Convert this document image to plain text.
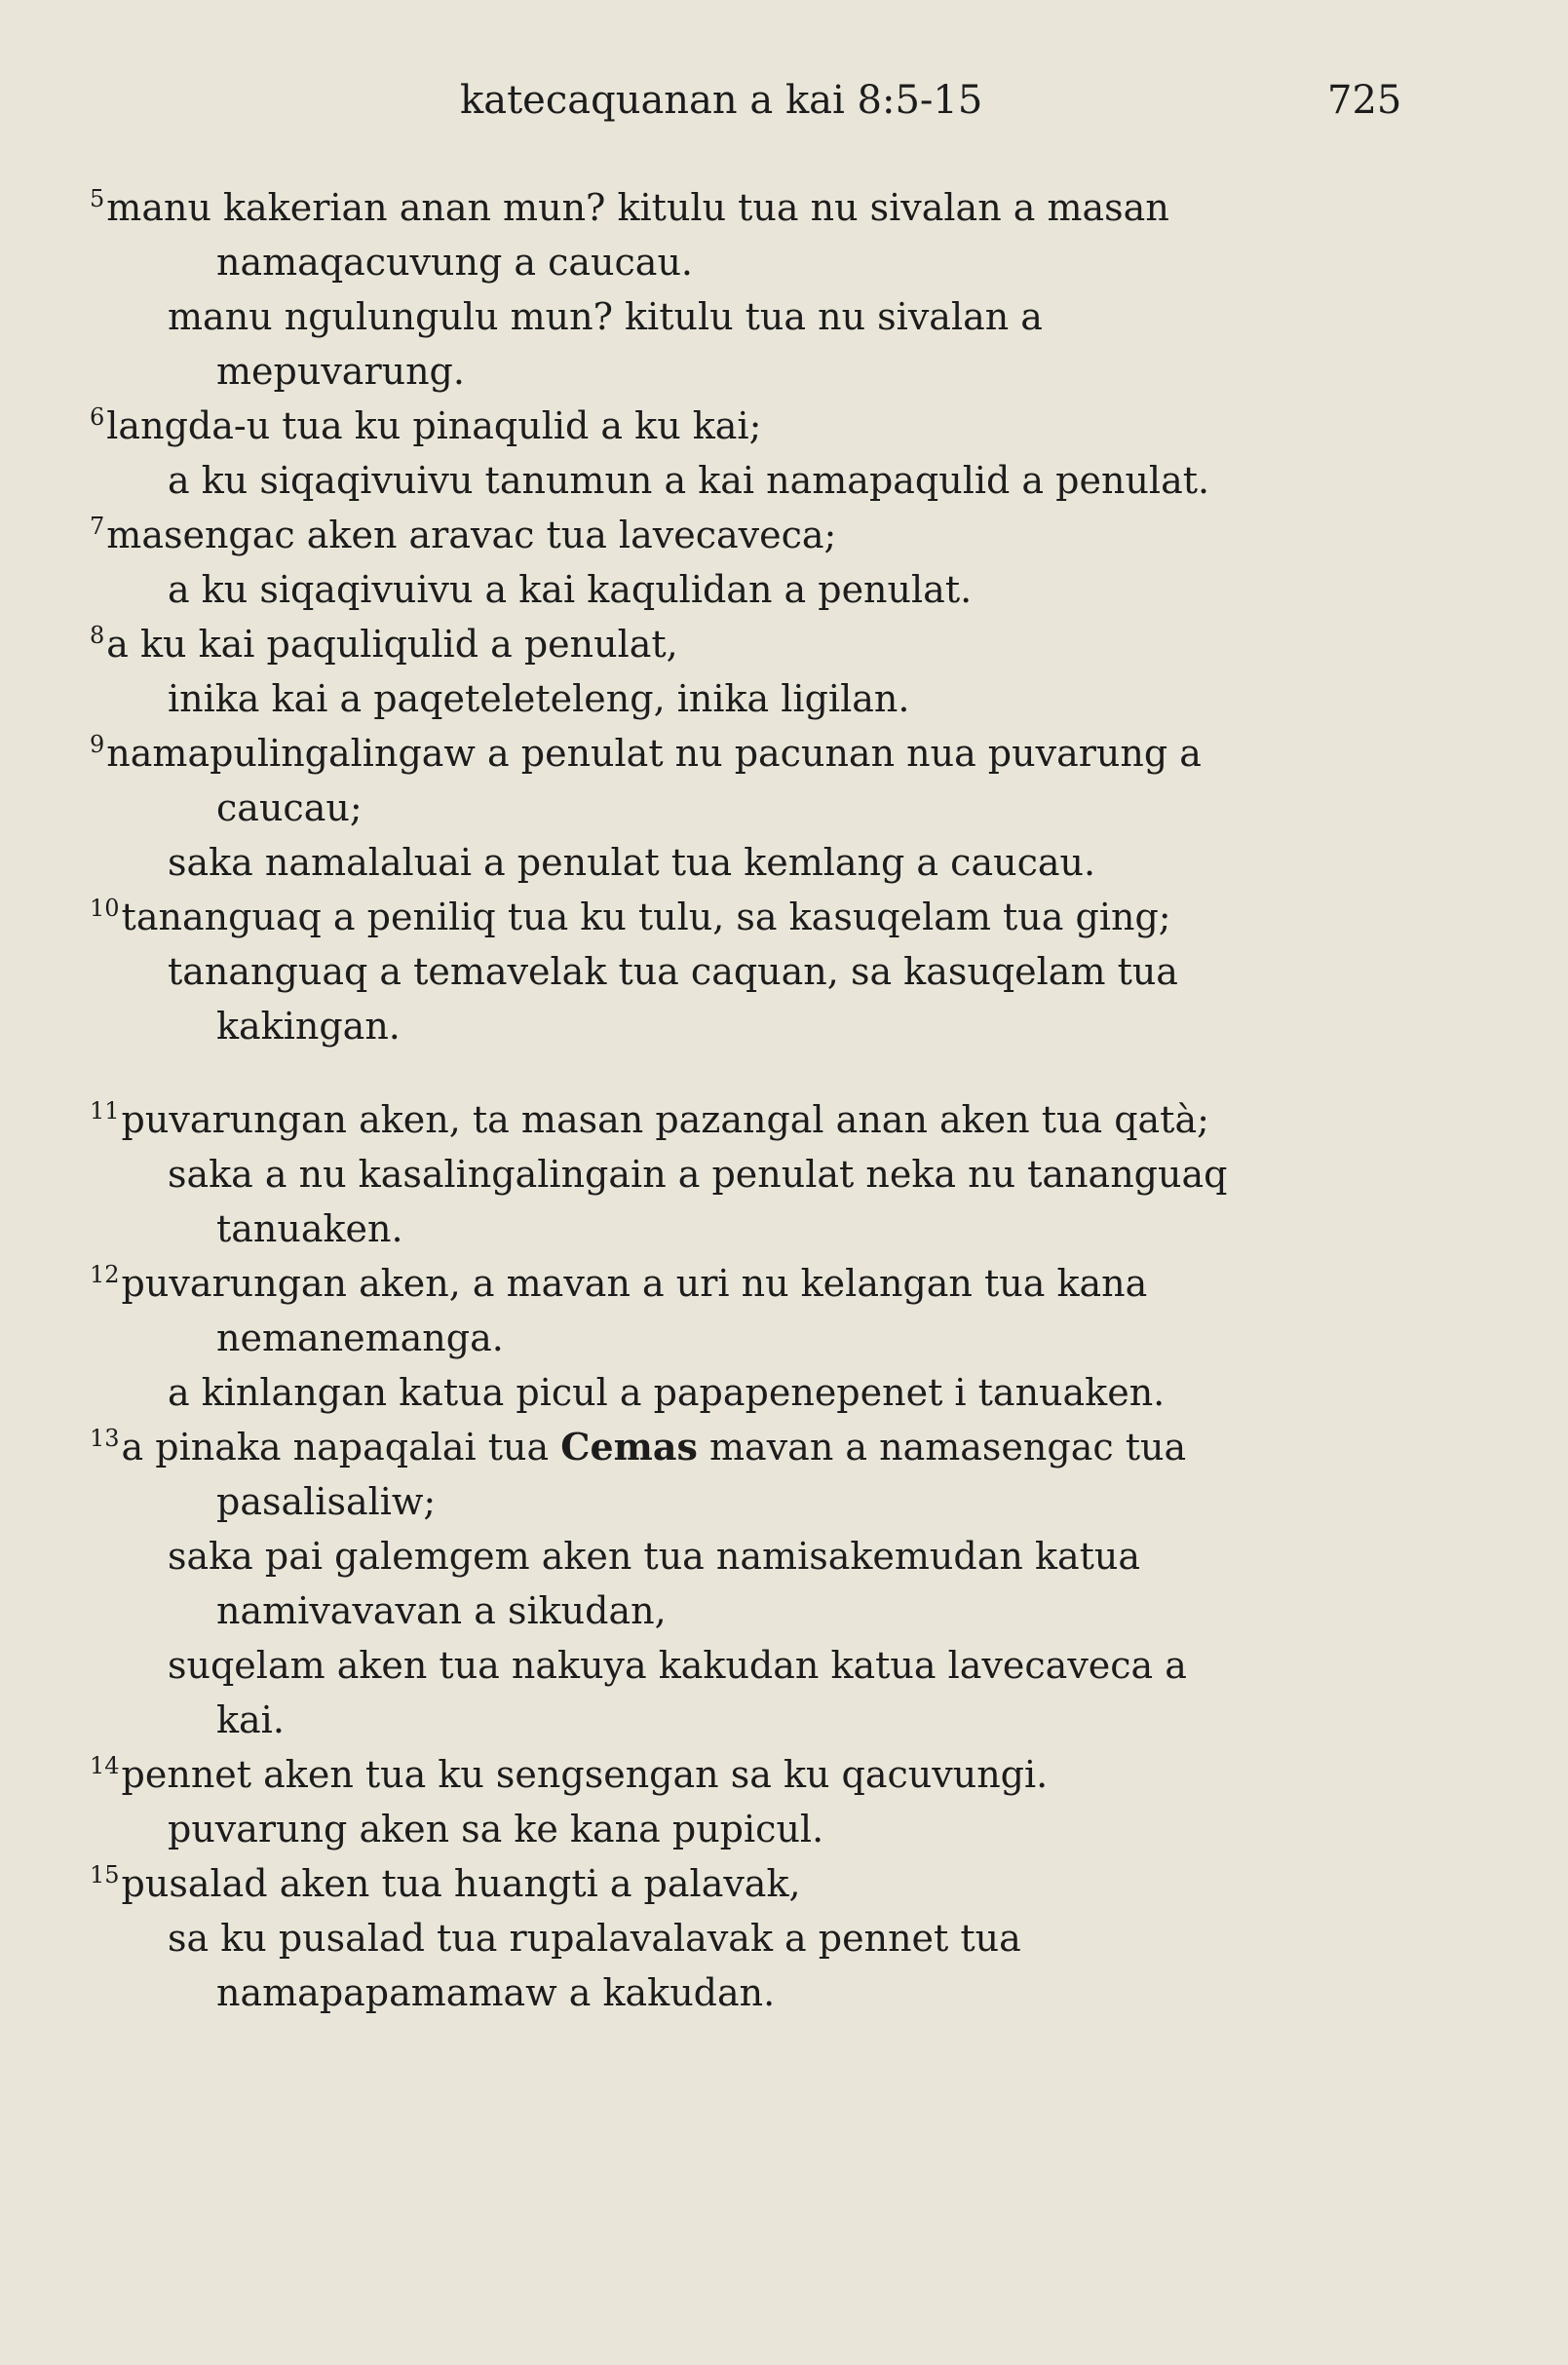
katecaquanan a kai 8:5-15	725
$^5$manu kakerian anan mun? kitulu tua nu sivalan a masan
namaqacuvung a caucau.
manu ngulungulu mun? kitulu tua nu sivalan a
mepuvarung.
$^6$langda-u tua ku pinaqulid a ku kai;
a ku siqaqivuivu tanumun a kai namapaqulid a penulat.
$^7$masengac aken aravac tua lavecaveca;
a ku siqaqivuivu a kai kaqulidan a penulat.
$^8$a ku kai paquliqulid a penulat,
inika kai a paqeteleteleng, inika ligilan.
$^9$namapulingalingaw a penulat nu pacunan nua puvarung a
caucau;
saka namalaluai a penulat tua kemlang a caucau.
$^{10}$tananguaq a peniliq tua ku tulu, sa kasuqelam tua ging;
tananguaq a temavelak tua caquan, sa kasuqelam tua
kakingan.
$^{11}$puvarungan aken, ta masan pazangal anan aken tua qatà;
saka a nu kasalingalingain a penulat neka nu tananguaq
tanuaken.
$^{12}$puvarungan aken, a mavan a uri nu kelangan tua kana
nemanemanga.
a kinlangan katua picul a papapenepenet i tanuaken.
$^{13}$a pinaka napaqalai tua Cemas mavan a namasengac tua
pasalisaliw;
saka pai galemgem aken tua namisakemudan katua
namivavavan a sikudan,
suqelam aken tua nakuya kakudan katua lavecaveca a
kai.
$^{14}$pennet aken tua ku sengsengan sa ku qacuvungi.
puvarung aken sa ke kana pupicul.
$^{15}$pusalad aken tua huangti a palavak,
sa ku pusalad tua rupalavalavak a pennet tua
namapapamamaw a kakudan.
